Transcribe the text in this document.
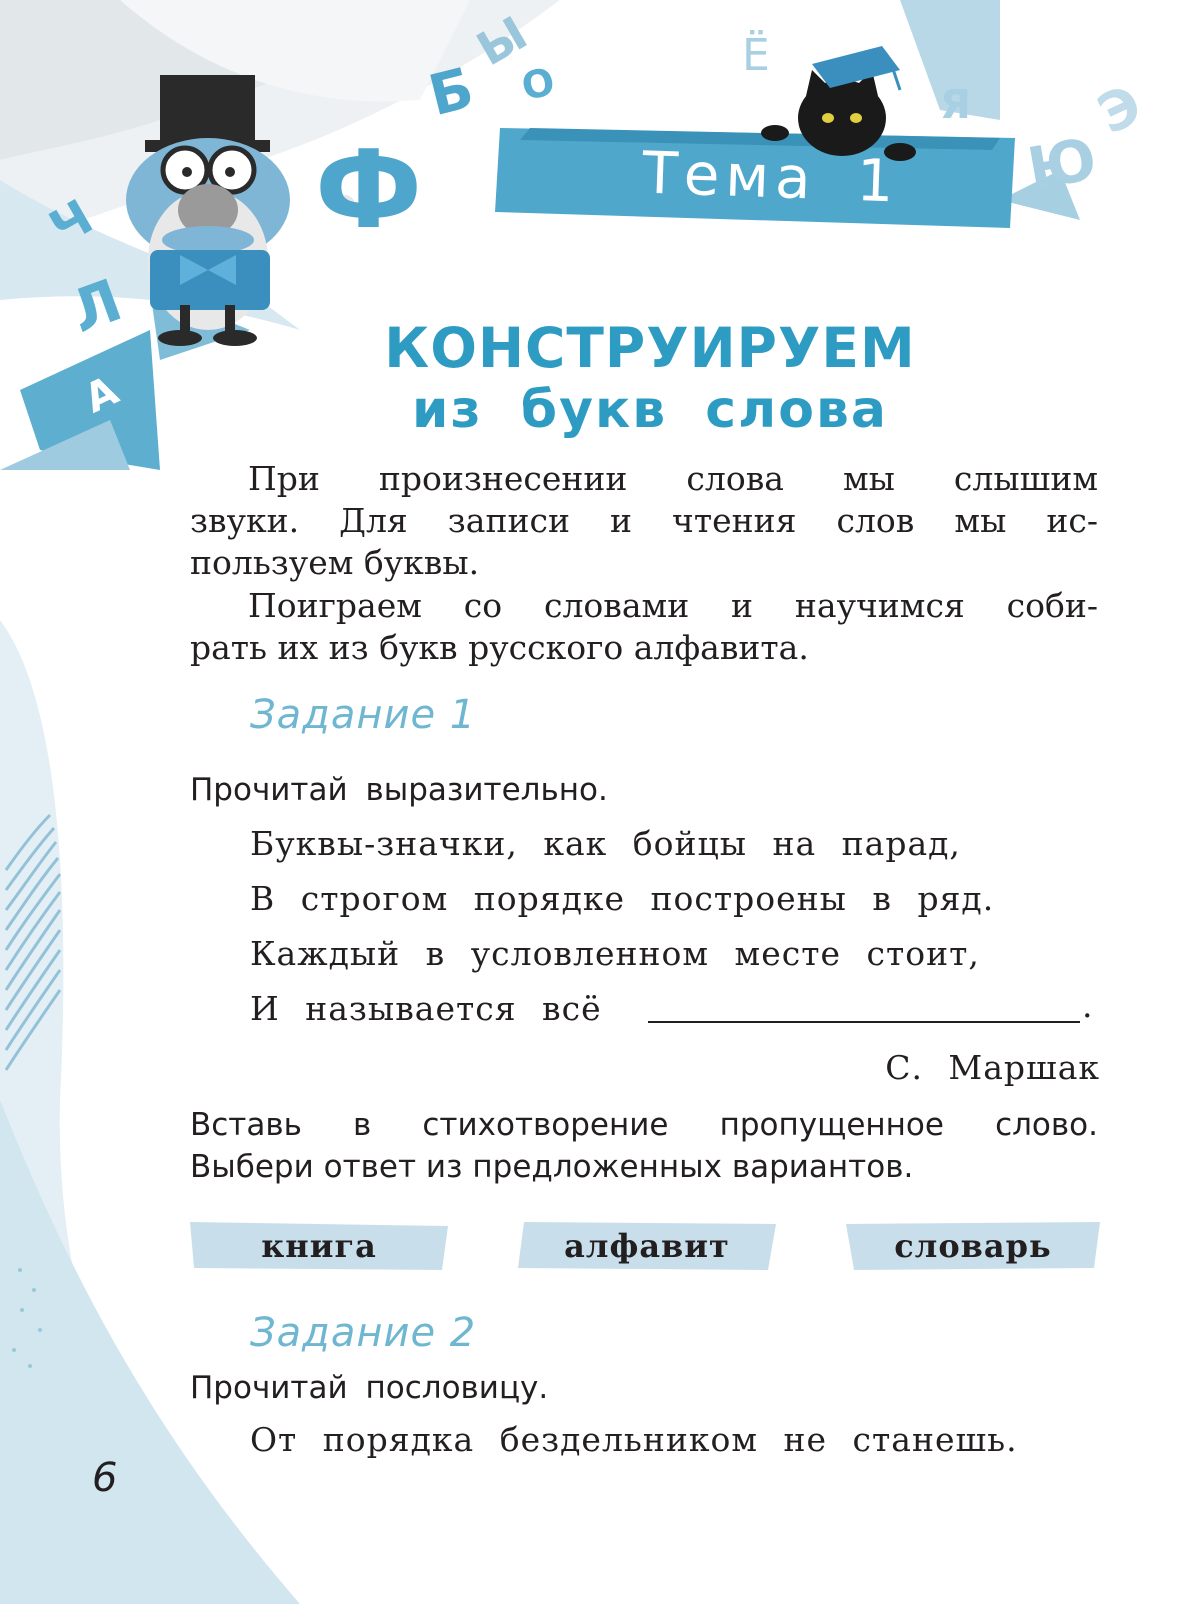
Ч
Л
А
Б
Ы
О
Ф
Ё
Я
Ю
Э
Тема 1
КОНСТРУИРУЕМ
из букв слова

При произнесении слова мы слышим

звуки. Для записи и чтения слов мы ис-

пользуем буквы.

Поиграем со словами и научимся соби-

рать их из букв русского алфавита.

Задание 1
Прочитай выразительно.
Буквы-значки, как бойцы на парад,
В строгом порядке построены в ряд.
Каждый в условленном месте стоит,
И называется всё	.
С. Маршак

Вставь в стихотворение пропущенное слово.

Выбери ответ из предложенных вариантов.

книга	алфавит	словарь
Задание 2
Прочитай пословицу.
От порядка бездельником не станешь.
6
